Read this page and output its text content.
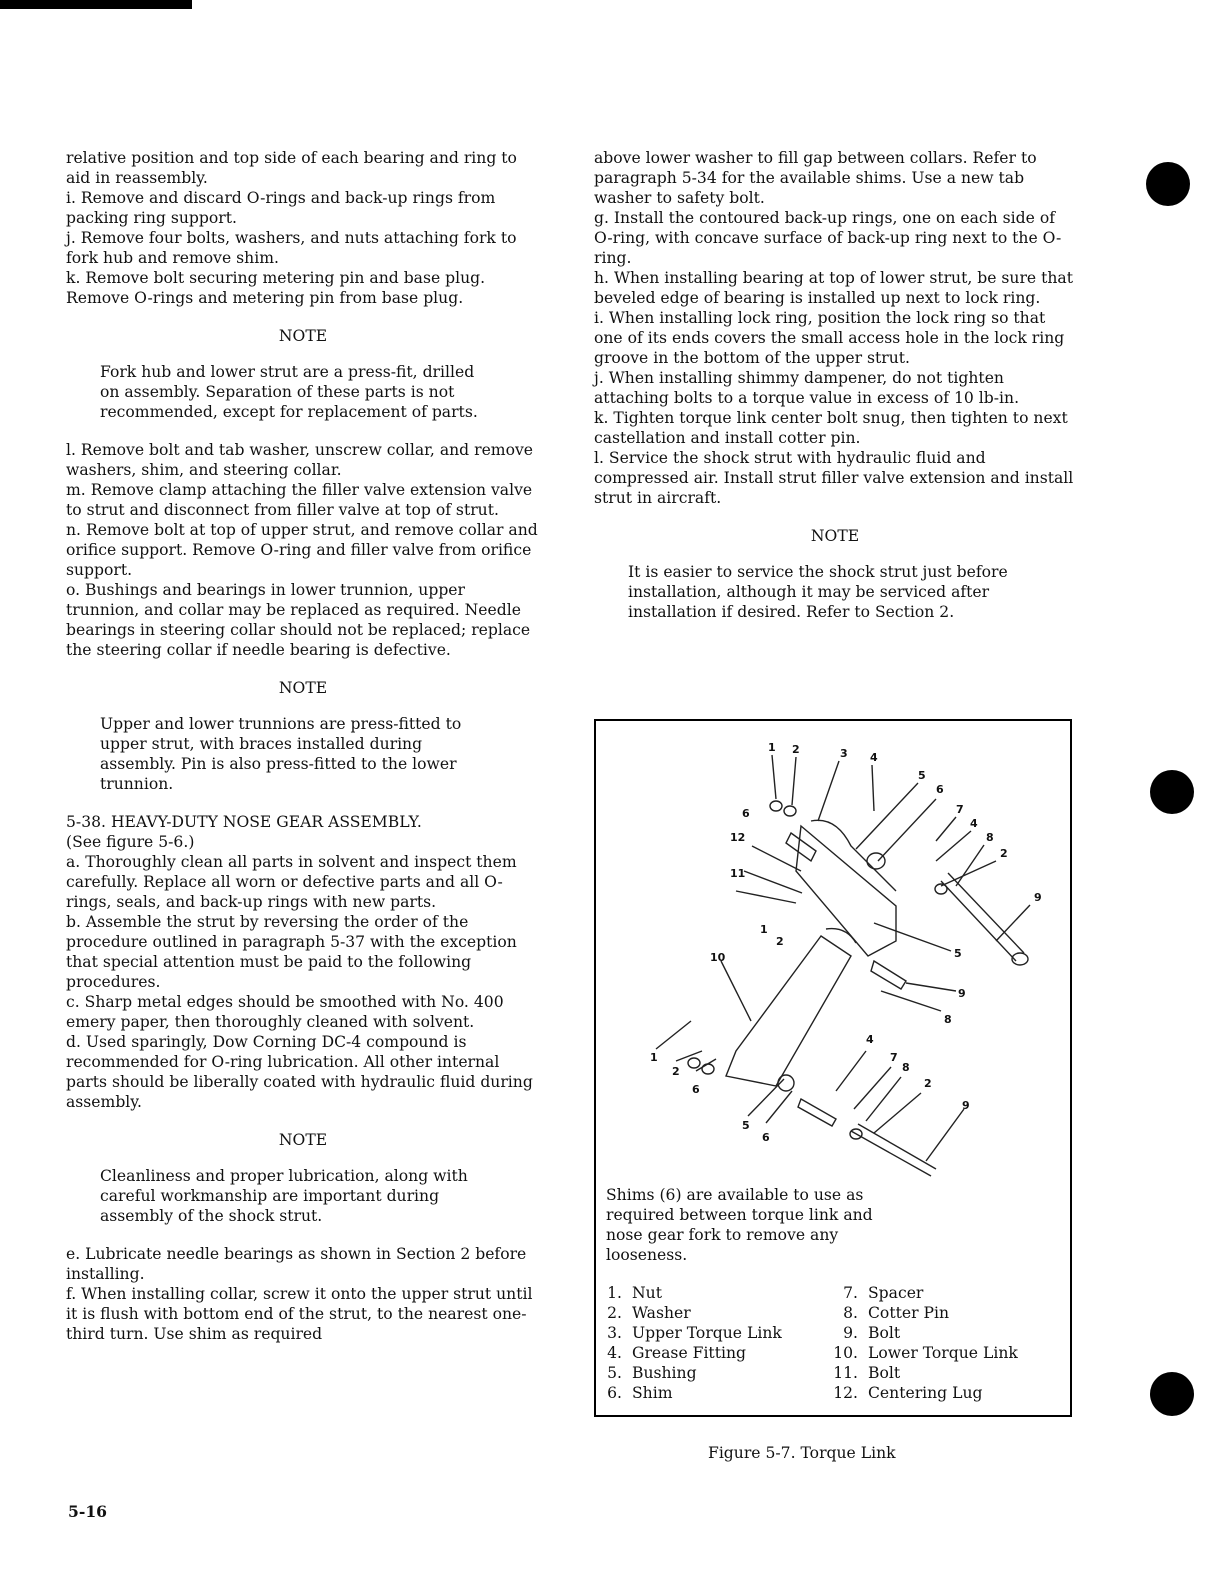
relative position and top side of each bearing and ring to aid in reassembly.

i. Remove and discard O-rings and back-up rings from packing ring support.

j. Remove four bolts, washers, and nuts attaching fork to fork hub and remove shim.

k. Remove bolt securing metering pin and base plug. Remove O-rings and metering pin from base plug.

NOTE

Fork hub and lower strut are a press-fit, drilled on assembly. Separation of these parts is not recommended, except for replacement of parts.

l. Remove bolt and tab washer, unscrew collar, and remove washers, shim, and steering collar.

m. Remove clamp attaching the filler valve extension valve to strut and disconnect from filler valve at top of strut.

n. Remove bolt at top of upper strut, and remove collar and orifice support. Remove O-ring and filler valve from orifice support.

o. Bushings and bearings in lower trunnion, upper trunnion, and collar may be replaced as required. Needle bearings in steering collar should not be replaced; replace the steering collar if needle bearing is defective.

NOTE

Upper and lower trunnions are press-fitted to upper strut, with braces installed during assembly. Pin is also press-fitted to the lower trunnion.

5-38. HEAVY-DUTY NOSE GEAR ASSEMBLY.

(See figure 5-6.)

a. Thoroughly clean all parts in solvent and inspect them carefully. Replace all worn or defective parts and all O-rings, seals, and back-up rings with new parts.

b. Assemble the strut by reversing the order of the procedure outlined in paragraph 5-37 with the exception that special attention must be paid to the following procedures.

c. Sharp metal edges should be smoothed with No. 400 emery paper, then thoroughly cleaned with solvent.

d. Used sparingly, Dow Corning DC-4 compound is recommended for O-ring lubrication. All other internal parts should be liberally coated with hydraulic fluid during assembly.

NOTE

Cleanliness and proper lubrication, along with careful workmanship are important during assembly of the shock strut.

e. Lubricate needle bearings as shown in Section 2 before installing.

f. When installing collar, screw it onto the upper strut until it is flush with bottom end of the strut, to the nearest one-third turn. Use shim as required

above lower washer to fill gap between collars. Refer to paragraph 5-34 for the available shims. Use a new tab washer to safety bolt.

g. Install the contoured back-up rings, one on each side of O-ring, with concave surface of back-up ring next to the O-ring.

h. When installing bearing at top of lower strut, be sure that beveled edge of bearing is installed up next to lock ring.

i. When installing lock ring, position the lock ring so that one of its ends covers the small access hole in the lock ring groove in the bottom of the upper strut.

j. When installing shimmy dampener, do not tighten attaching bolts to a torque value in excess of 10 lb-in.

k. Tighten torque link center bolt snug, then tighten to next castellation and install cotter pin.

l. Service the shock strut with hydraulic fluid and compressed air. Install strut filler valve extension and install strut in aircraft.

NOTE

It is easier to service the shock strut just before installation, although it may be serviced after installation if desired. Refer to Section 2.

1 2	3 4
5
6
7
4
8
2
9
5
9
8
6
12
11
1
2
10
1
2
6
4
7
8
2
9
5
6
Shims (6) are available to use as required between torque link and nose gear fork to remove any looseness.
1. Nut
2. Washer
3. Upper Torque Link
4. Grease Fitting
5. Bushing
6. Shim
7. Spacer
8. Cotter Pin
9. Bolt
10. Lower Torque Link
11. Bolt
12. Centering Lug
Figure 5-7. Torque Link
5-16
